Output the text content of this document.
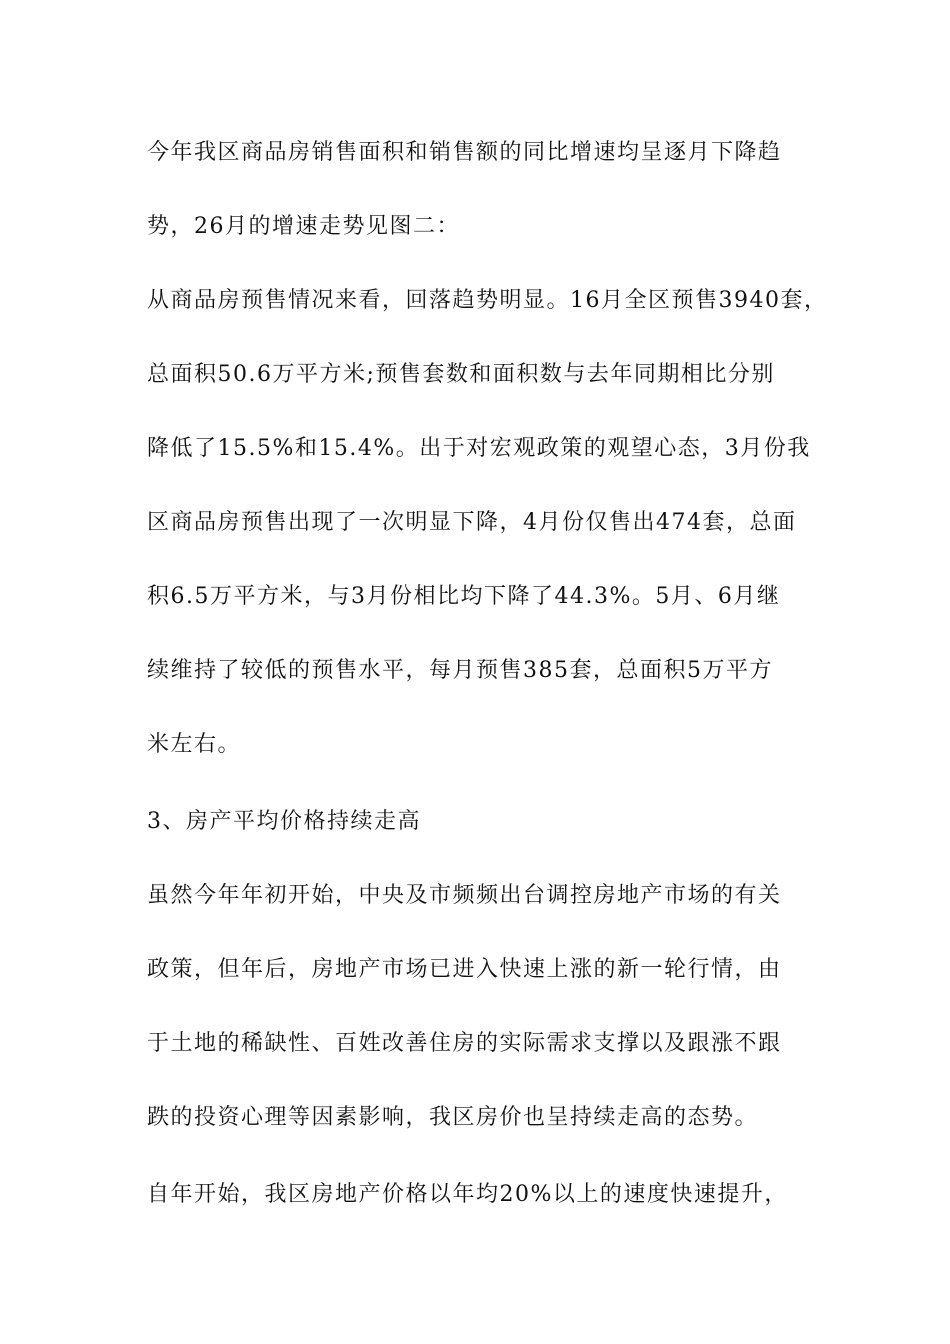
今年我区商品房销售面积和销售额的同比增速均呈逐月下降趋

势，26月的增速走势见图二：

从商品房预售情况来看，回落趋势明显。16月全区预售3940套，

总面积50.6万平方米;预售套数和面积数与去年同期相比分别

降低了15.5%和15.4%。出于对宏观政策的观望心态，3月份我

区商品房预售出现了一次明显下降，4月份仅售出474套，总面

积6.5万平方米，与3月份相比均下降了44.3%。5月、6月继

续维持了较低的预售水平，每月预售385套，总面积5万平方

米左右。

3、房产平均价格持续走高

虽然今年年初开始，中央及市频频出台调控房地产市场的有关

政策，但年后，房地产市场已进入快速上涨的新一轮行情，由

于土地的稀缺性、百姓改善住房的实际需求支撑以及跟涨不跟

跌的投资心理等因素影响，我区房价也呈持续走高的态势。

自年开始，我区房地产价格以年均20%以上的速度快速提升，
